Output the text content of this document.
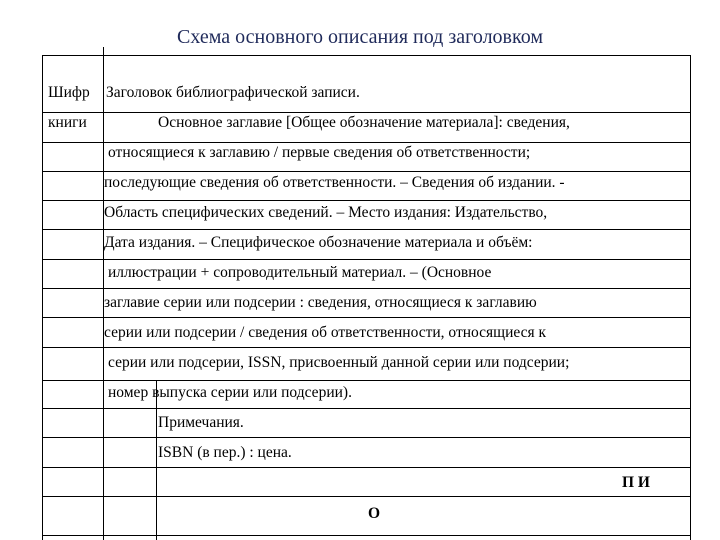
Схема основного описания под заголовком
Шифр
книги
Заголовок библиографической записи.
Основное заглавие [Общее обозначение материала]: сведения,
относящиеся к заглавию / первые сведения об ответственности;
последующие сведения об ответственности. – Сведения об издании. -
Область специфических сведений. – Место издания: Издательство,
Дата издания. – Специфическое обозначение материала и объём:
иллюстрации + сопроводительный материал. – (Основное
заглавие серии или подсерии : сведения, относящиеся к заглавию
серии или подсерии / сведения об ответственности, относящиеся к
серии или подсерии, ISSN, присвоенный данной серии или подсерии;
номер выпуска серии или подсерии).
Примечания.
ISBN (в пер.) : цена.
П И
О
